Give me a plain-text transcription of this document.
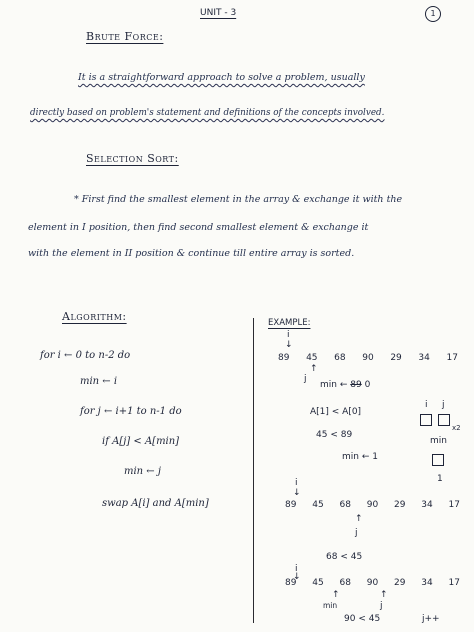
UNIT - 3	1
Brute Force:
It is a straightforward approach to solve a problem, usually
directly based on problem's statement and definitions of the concepts involved.
Selection Sort:
* First find the smallest element in the array & exchange it with the
element in I position, then find second smallest element & exchange it
with the element in II position & continue till entire array is sorted.
Algorithm:
for i ← 0 to n-2 do
min ← i
for j ← i+1 to n-1 do
if A[j] < A[min]
min ← j
swap A[i] and A[min]
EXAMPLE:
i
↓
89 45 68 90 29 34 17
↑
j
min ← 89 0
A[1] < A[0]
45 < 89
min ← 1
i j
x2
min
1
i
↓
89 45 68 90 29 34 17
↑
j
68 < 45
i
↓
89 45 68 90 29 34 17
↑
min
↑
j
90 < 45	j++
